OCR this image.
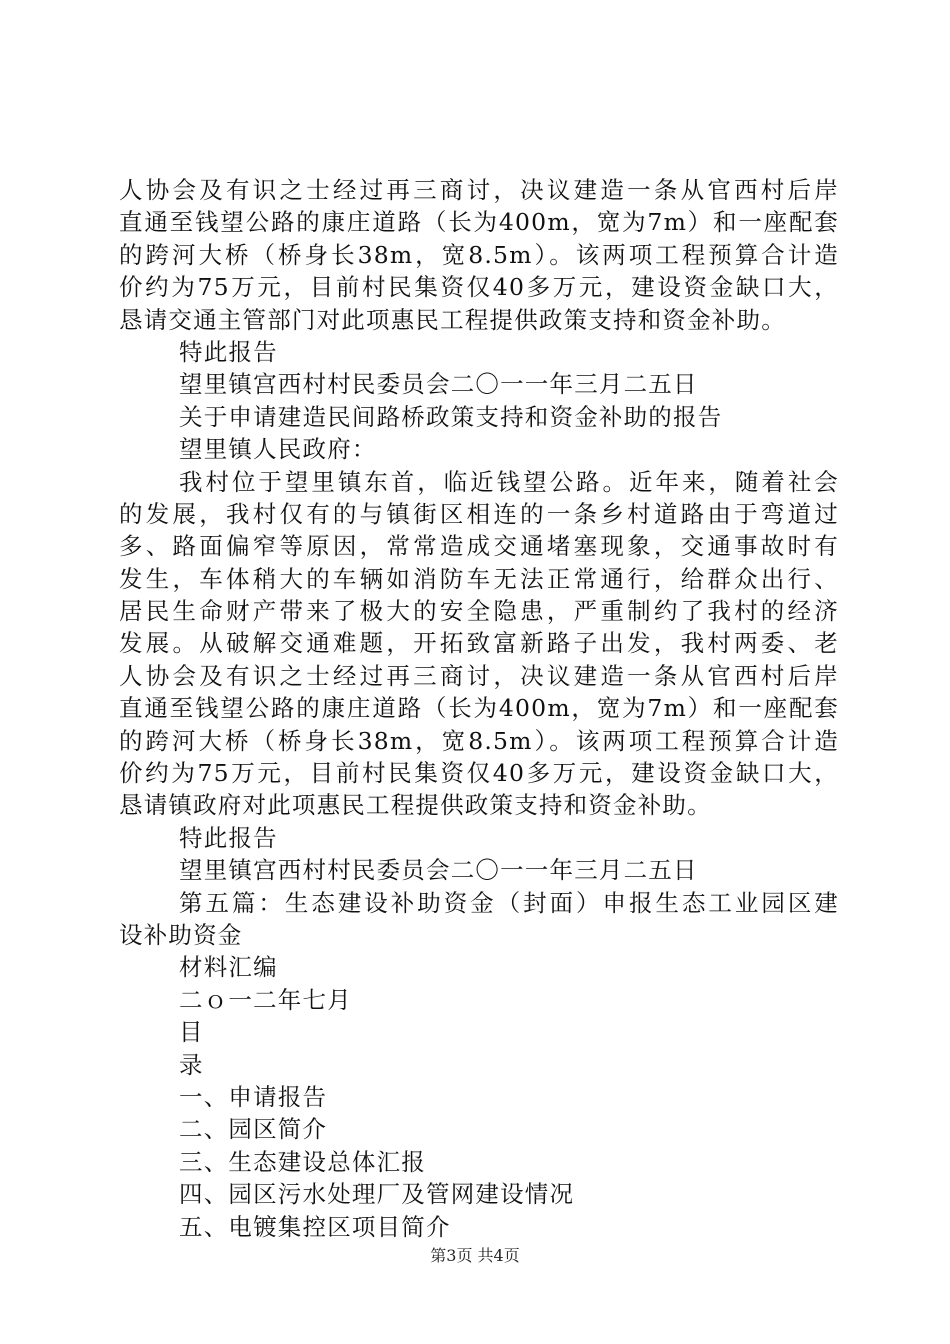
人协会及有识之士经过再三商讨，决议建造一条从官西村后岸
直通至钱望公路的康庄道路（长为400m，宽为7m）和一座配套
的跨河大桥（桥身长38m，宽8.5m）。该两项工程预算合计造
价约为75万元，目前村民集资仅40多万元，建设资金缺口大，
恳请交通主管部门对此项惠民工程提供政策支持和资金补助。
特此报告
望里镇宫西村村民委员会二〇一一年三月二五日
关于申请建造民间路桥政策支持和资金补助的报告
望里镇人民政府：
我村位于望里镇东首，临近钱望公路。近年来，随着社会
的发展，我村仅有的与镇街区相连的一条乡村道路由于弯道过
多、路面偏窄等原因，常常造成交通堵塞现象，交通事故时有
发生，车体稍大的车辆如消防车无法正常通行，给群众出行、
居民生命财产带来了极大的安全隐患，严重制约了我村的经济
发展。从破解交通难题，开拓致富新路子出发，我村两委、老
人协会及有识之士经过再三商讨，决议建造一条从官西村后岸
直通至钱望公路的康庄道路（长为400m，宽为7m）和一座配套
的跨河大桥（桥身长38m，宽8.5m）。该两项工程预算合计造
价约为75万元，目前村民集资仅40多万元，建设资金缺口大，
恳请镇政府对此项惠民工程提供政策支持和资金补助。
特此报告
望里镇宫西村村民委员会二〇一一年三月二五日
第五篇：生态建设补助资金（封面）申报生态工业园区建
设补助资金
材料汇编
二ｏ一二年七月
目
录
一、申请报告
二、园区简介
三、生态建设总体汇报
四、园区污水处理厂及管网建设情况
五、电镀集控区项目简介
第3页 共4页
